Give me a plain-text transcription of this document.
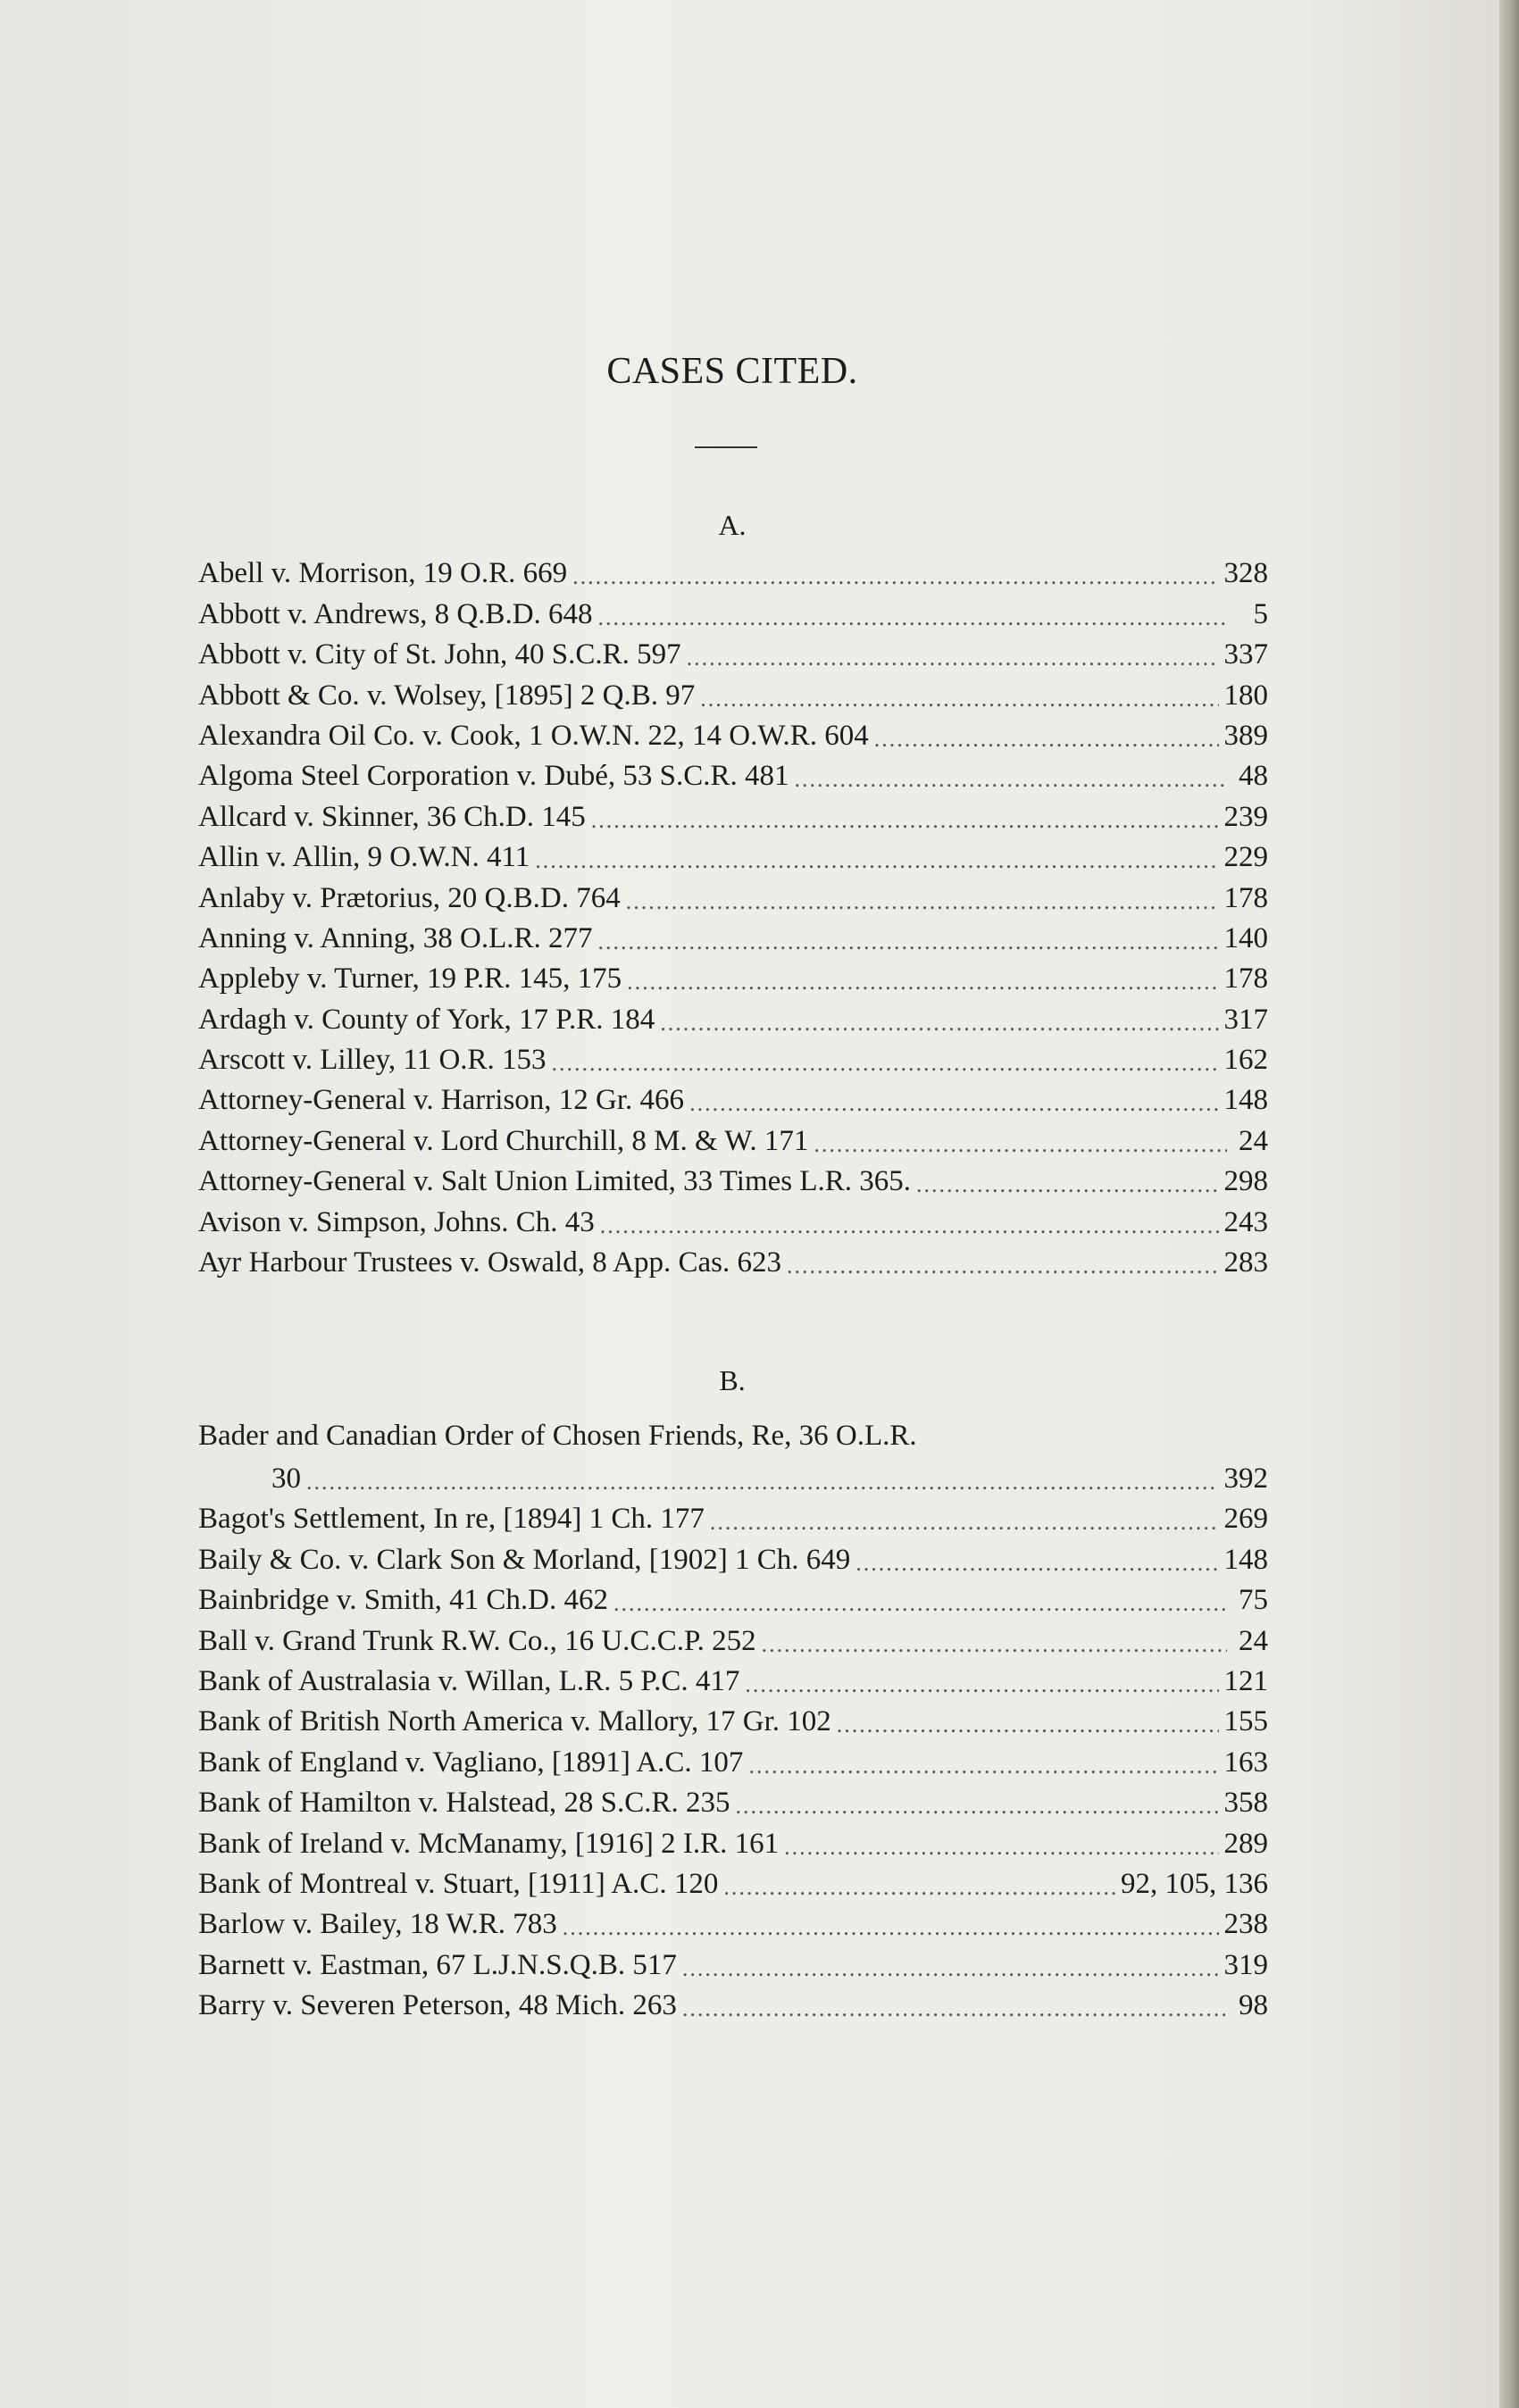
CASES CITED.
A.
Abell v. Morrison, 19 O.R. 669 .....	328
Abbott v. Andrews, 8 Q.B.D. 648 .....	5
Abbott v. City of St. John, 40 S.C.R. 597 .....	337
Abbott & Co. v. Wolsey, [1895] 2 Q.B. 97 .....	180
Alexandra Oil Co. v. Cook, 1 O.W.N. 22, 14 O.W.R. 604 .....	389
Algoma Steel Corporation v. Dubé, 53 S.C.R. 481 .....	48
Allcard v. Skinner, 36 Ch.D. 145 .....	239
Allin v. Allin, 9 O.W.N. 411 .....	229
Anlaby v. Prætorius, 20 Q.B.D. 764 .....	178
Anning v. Anning, 38 O.L.R. 277 .....	140
Appleby v. Turner, 19 P.R. 145, 175 .....	178
Ardagh v. County of York, 17 P.R. 184 .....	317
Arscott v. Lilley, 11 O.R. 153 .....	162
Attorney-General v. Harrison, 12 Gr. 466 .....	148
Attorney-General v. Lord Churchill, 8 M. & W. 171 .....	24
Attorney-General v. Salt Union Limited, 33 Times L.R. 365. .....	298
Avison v. Simpson, Johns. Ch. 43 .....	243
Ayr Harbour Trustees v. Oswald, 8 App. Cas. 623 .....	283
B.
Bader and Canadian Order of Chosen Friends, Re, 36 O.L.R.
30 .....	392
Bagot's Settlement, In re, [1894] 1 Ch. 177 .....	269
Baily & Co. v. Clark Son & Morland, [1902] 1 Ch. 649 .....	148
Bainbridge v. Smith, 41 Ch.D. 462 .....	75
Ball v. Grand Trunk R.W. Co., 16 U.C.C.P. 252 .....	24
Bank of Australasia v. Willan, L.R. 5 P.C. 417 .....	121
Bank of British North America v. Mallory, 17 Gr. 102 .....	155
Bank of England v. Vagliano, [1891] A.C. 107 .....	163
Bank of Hamilton v. Halstead, 28 S.C.R. 235 .....	358
Bank of Ireland v. McManamy, [1916] 2 I.R. 161 .....	289
Bank of Montreal v. Stuart, [1911] A.C. 120 .....	92, 105, 136
Barlow v. Bailey, 18 W.R. 783 .....	238
Barnett v. Eastman, 67 L.J.N.S.Q.B. 517 .....	319
Barry v. Severen Peterson, 48 Mich. 263 .....	98
